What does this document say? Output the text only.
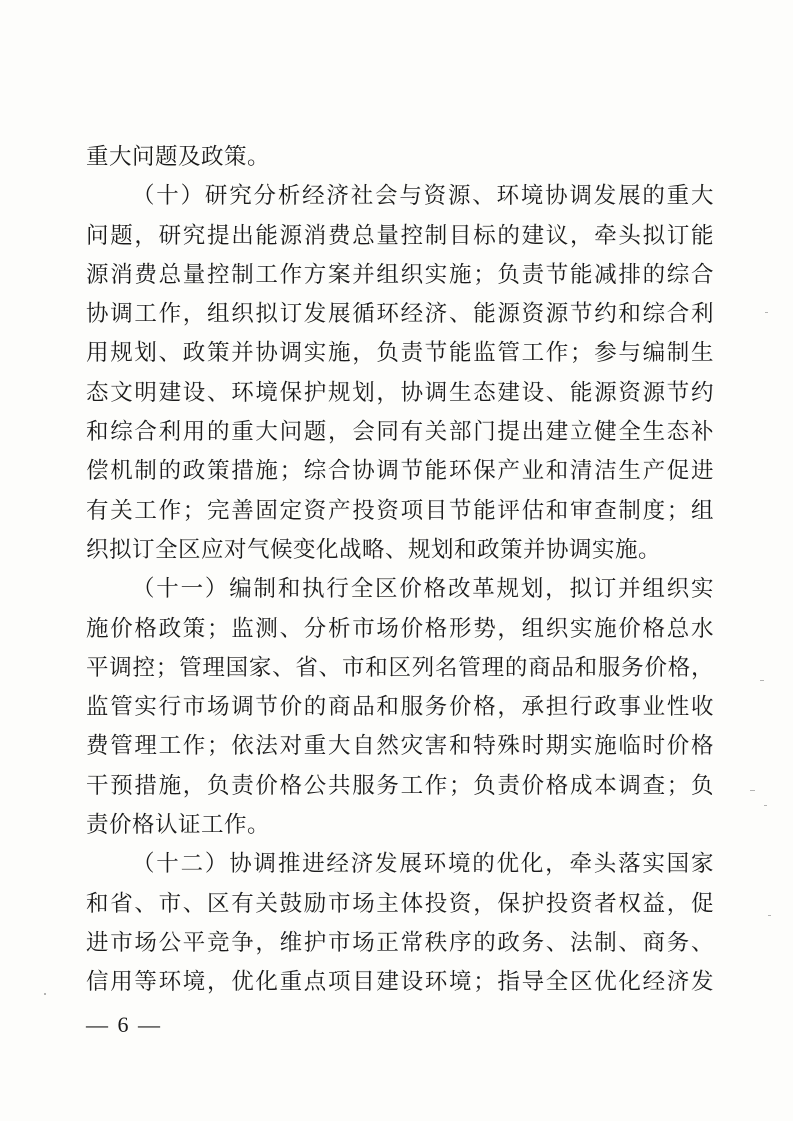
重大问题及政策。
（十）研究分析经济社会与资源、环境协调发展的重大
问题，研究提出能源消费总量控制目标的建议，牵头拟订能
源消费总量控制工作方案并组织实施；负责节能减排的综合
协调工作，组织拟订发展循环经济、能源资源节约和综合利
用规划、政策并协调实施，负责节能监管工作；参与编制生
态文明建设、环境保护规划，协调生态建设、能源资源节约
和综合利用的重大问题，会同有关部门提出建立健全生态补
偿机制的政策措施；综合协调节能环保产业和清洁生产促进
有关工作；完善固定资产投资项目节能评估和审查制度；组
织拟订全区应对气候变化战略、规划和政策并协调实施。
（十一）编制和执行全区价格改革规划，拟订并组织实
施价格政策；监测、分析市场价格形势，组织实施价格总水
平调控；管理国家、省、市和区列名管理的商品和服务价格，
监管实行市场调节价的商品和服务价格，承担行政事业性收
费管理工作；依法对重大自然灾害和特殊时期实施临时价格
干预措施，负责价格公共服务工作；负责价格成本调查；负
责价格认证工作。
（十二）协调推进经济发展环境的优化，牵头落实国家
和省、市、区有关鼓励市场主体投资，保护投资者权益，促
进市场公平竞争，维护市场正常秩序的政务、法制、商务、
信用等环境，优化重点项目建设环境；指导全区优化经济发
— 6 —
